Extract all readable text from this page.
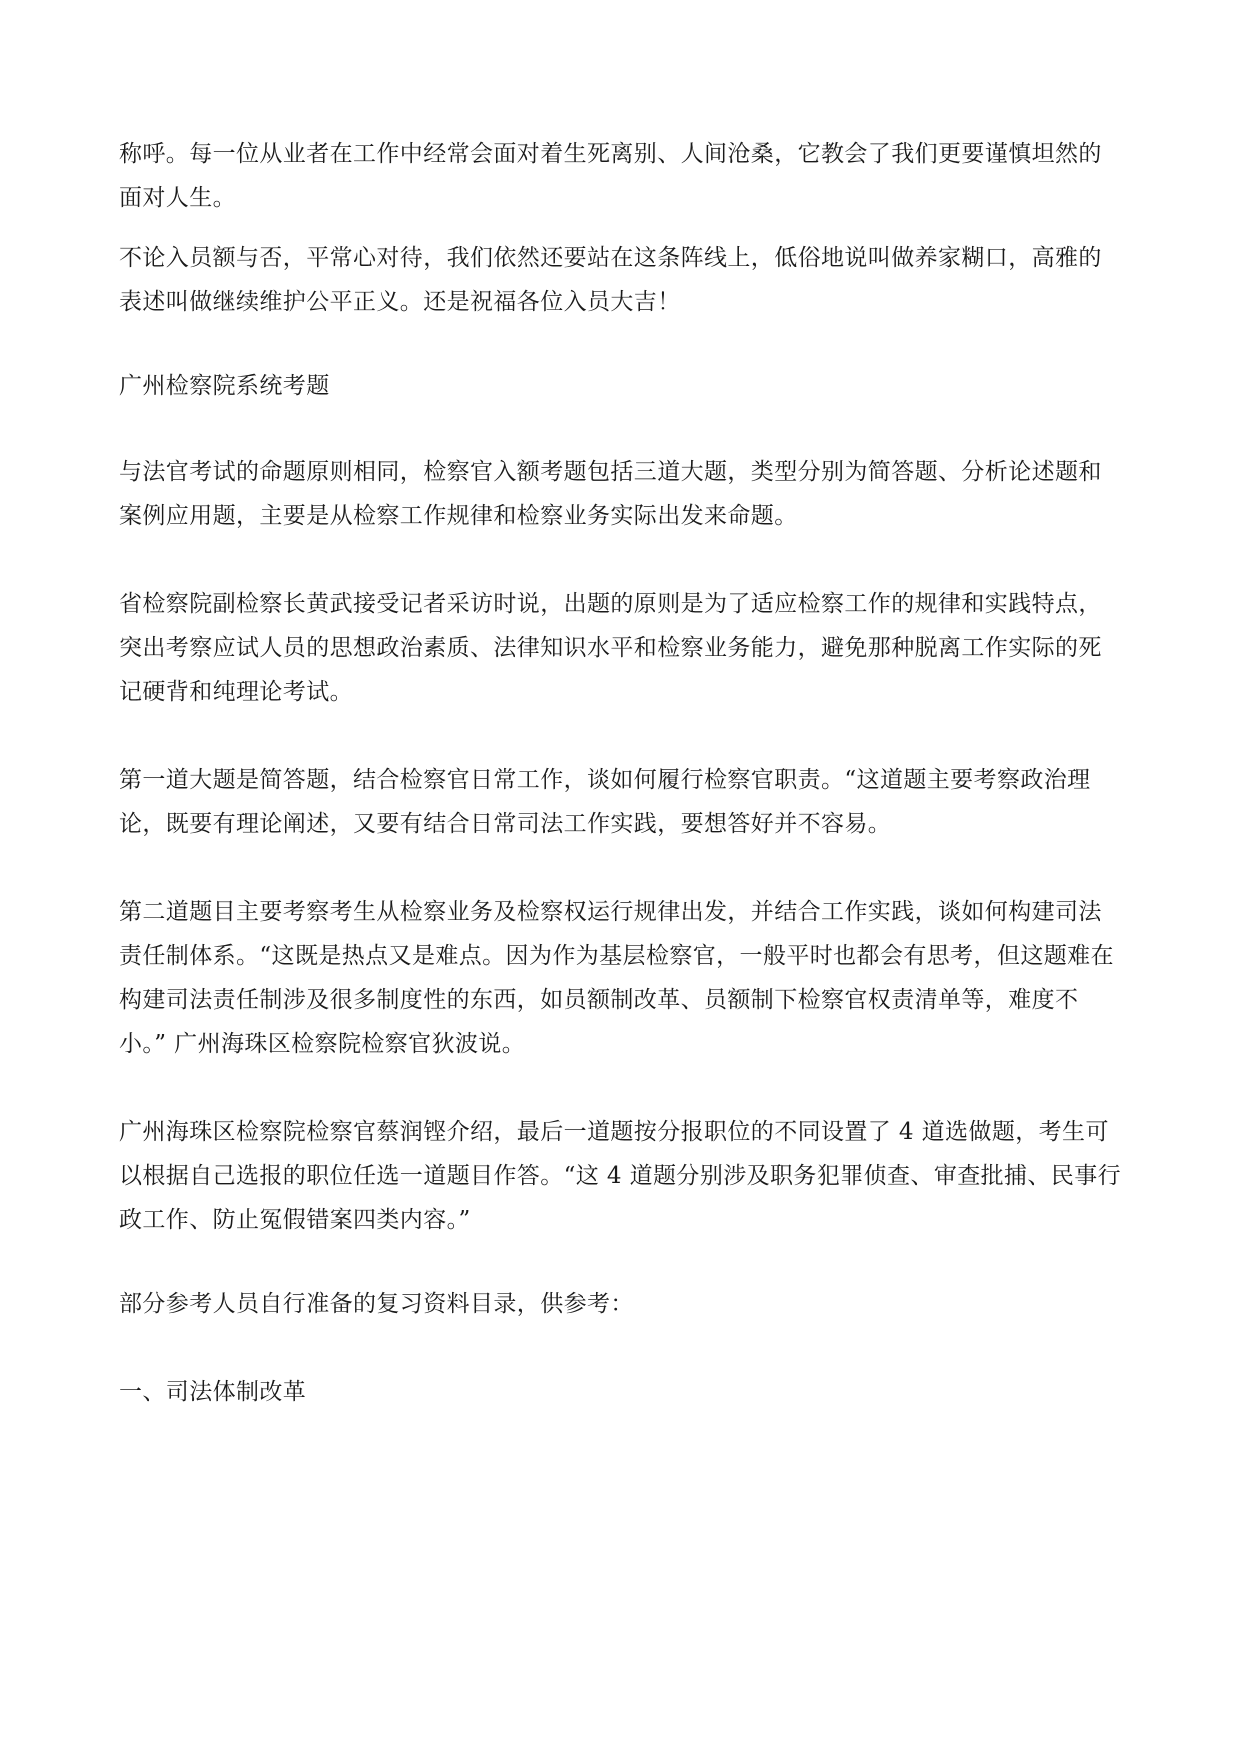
称呼。每一位从业者在工作中经常会面对着生死离别、人间沧桑，它教会了我们更要谨慎坦然的面对人生。

不论入员额与否，平常心对待，我们依然还要站在这条阵线上，低俗地说叫做养家糊口，高雅的表述叫做继续维护公平正义。还是祝福各位入员大吉！

广州检察院系统考题

与法官考试的命题原则相同，检察官入额考题包括三道大题，类型分别为简答题、分析论述题和案例应用题，主要是从检察工作规律和检察业务实际出发来命题。

省检察院副检察长黄武接受记者采访时说，出题的原则是为了适应检察工作的规律和实践特点，突出考察应试人员的思想政治素质、法律知识水平和检察业务能力，避免那种脱离工作实际的死记硬背和纯理论考试。

第一道大题是简答题，结合检察官日常工作，谈如何履行检察官职责。“这道题主要考察政治理论，既要有理论阐述，又要有结合日常司法工作实践，要想答好并不容易。

第二道题目主要考察考生从检察业务及检察权运行规律出发，并结合工作实践，谈如何构建司法责任制体系。“这既是热点又是难点。因为作为基层检察官，一般平时也都会有思考，但这题难在构建司法责任制涉及很多制度性的东西，如员额制改革、员额制下检察官权责清单等，难度不小。” 广州海珠区检察院检察官狄波说。

广州海珠区检察院检察官蔡润铿介绍，最后一道题按分报职位的不同设置了 4 道选做题，考生可以根据自己选报的职位任选一道题目作答。“这 4 道题分别涉及职务犯罪侦查、审查批捕、民事行政工作、防止冤假错案四类内容。”

部分参考人员自行准备的复习资料目录，供参考：

一、司法体制改革
